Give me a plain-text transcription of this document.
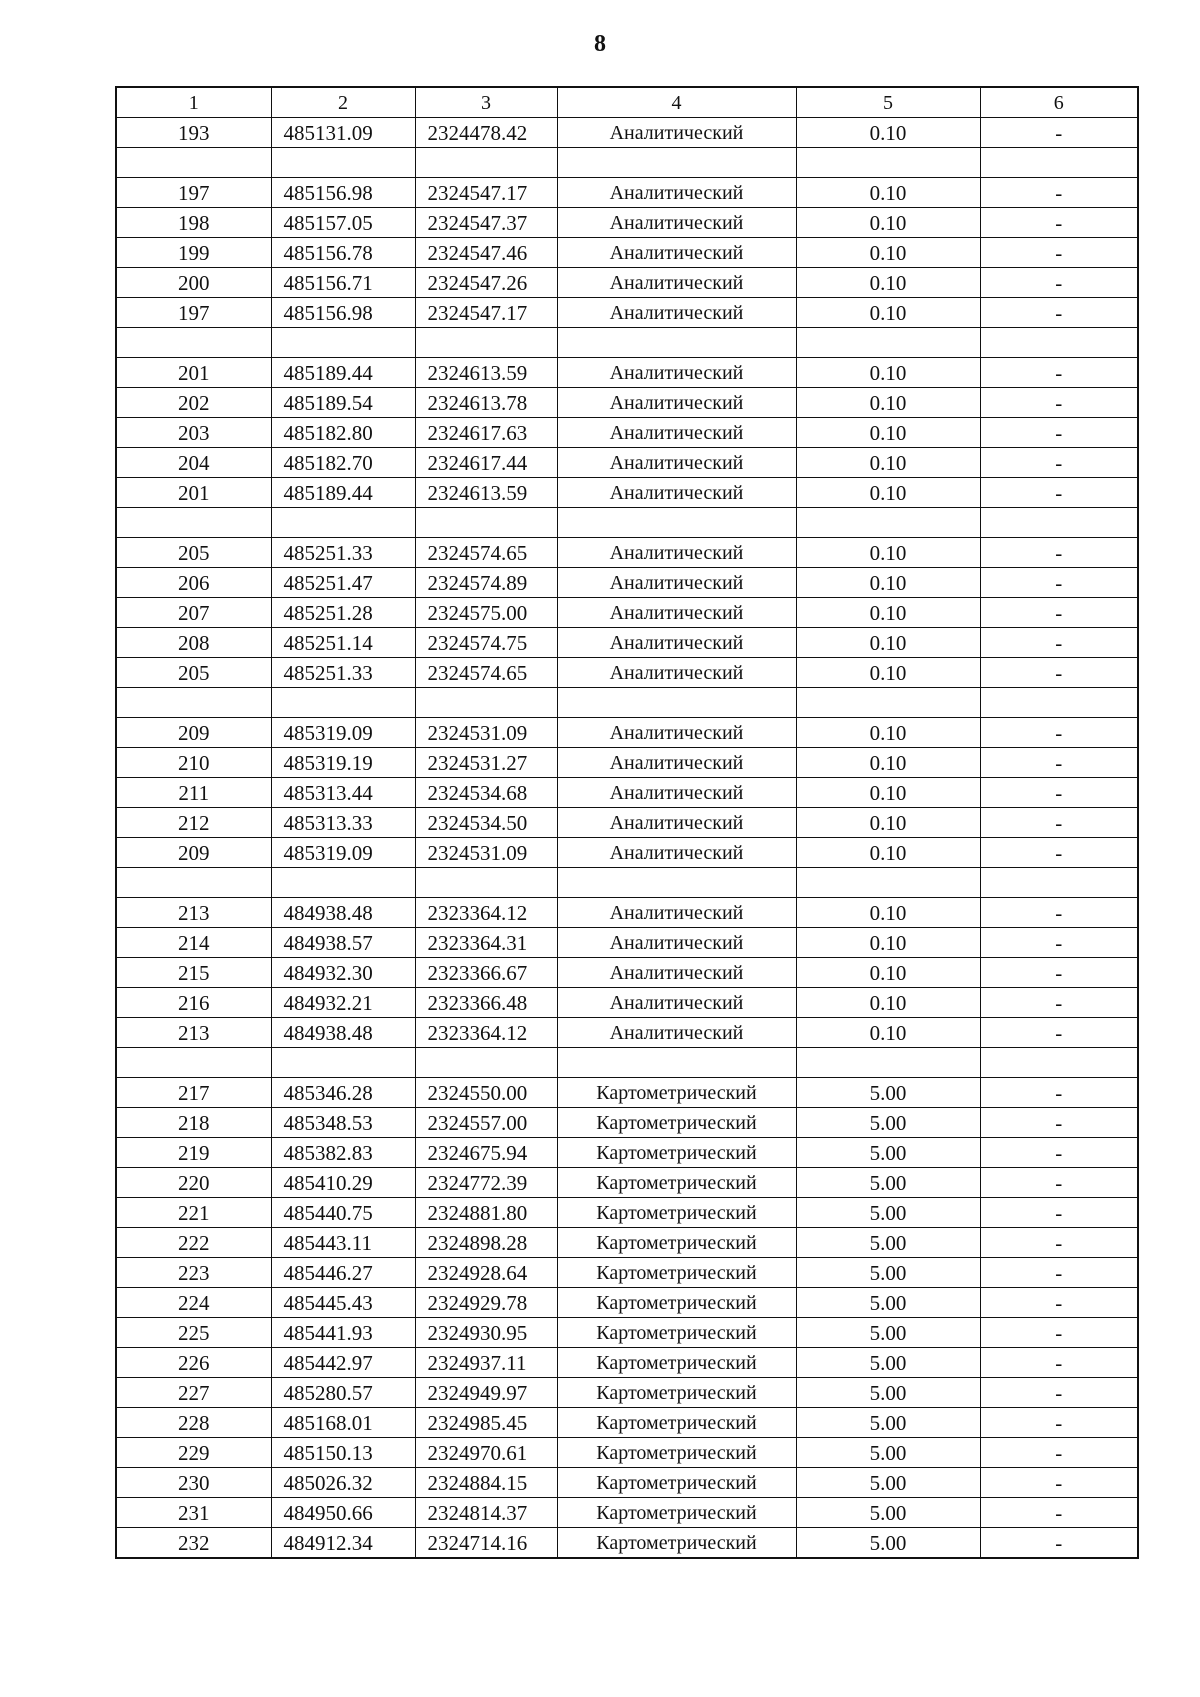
8
1	2	3	4	5	6
193	485131.09	2324478.42	Аналитический	0.10	-

197	485156.98	2324547.17	Аналитический	0.10	-
198	485157.05	2324547.37	Аналитический	0.10	-
199	485156.78	2324547.46	Аналитический	0.10	-
200	485156.71	2324547.26	Аналитический	0.10	-
197	485156.98	2324547.17	Аналитический	0.10	-

201	485189.44	2324613.59	Аналитический	0.10	-
202	485189.54	2324613.78	Аналитический	0.10	-
203	485182.80	2324617.63	Аналитический	0.10	-
204	485182.70	2324617.44	Аналитический	0.10	-
201	485189.44	2324613.59	Аналитический	0.10	-

205	485251.33	2324574.65	Аналитический	0.10	-
206	485251.47	2324574.89	Аналитический	0.10	-
207	485251.28	2324575.00	Аналитический	0.10	-
208	485251.14	2324574.75	Аналитический	0.10	-
205	485251.33	2324574.65	Аналитический	0.10	-

209	485319.09	2324531.09	Аналитический	0.10	-
210	485319.19	2324531.27	Аналитический	0.10	-
211	485313.44	2324534.68	Аналитический	0.10	-
212	485313.33	2324534.50	Аналитический	0.10	-
209	485319.09	2324531.09	Аналитический	0.10	-

213	484938.48	2323364.12	Аналитический	0.10	-
214	484938.57	2323364.31	Аналитический	0.10	-
215	484932.30	2323366.67	Аналитический	0.10	-
216	484932.21	2323366.48	Аналитический	0.10	-
213	484938.48	2323364.12	Аналитический	0.10	-

217	485346.28	2324550.00	Картометрический	5.00	-
218	485348.53	2324557.00	Картометрический	5.00	-
219	485382.83	2324675.94	Картометрический	5.00	-
220	485410.29	2324772.39	Картометрический	5.00	-
221	485440.75	2324881.80	Картометрический	5.00	-
222	485443.11	2324898.28	Картометрический	5.00	-
223	485446.27	2324928.64	Картометрический	5.00	-
224	485445.43	2324929.78	Картометрический	5.00	-
225	485441.93	2324930.95	Картометрический	5.00	-
226	485442.97	2324937.11	Картометрический	5.00	-
227	485280.57	2324949.97	Картометрический	5.00	-
228	485168.01	2324985.45	Картометрический	5.00	-
229	485150.13	2324970.61	Картометрический	5.00	-
230	485026.32	2324884.15	Картометрический	5.00	-
231	484950.66	2324814.37	Картометрический	5.00	-
232	484912.34	2324714.16	Картометрический	5.00	-
